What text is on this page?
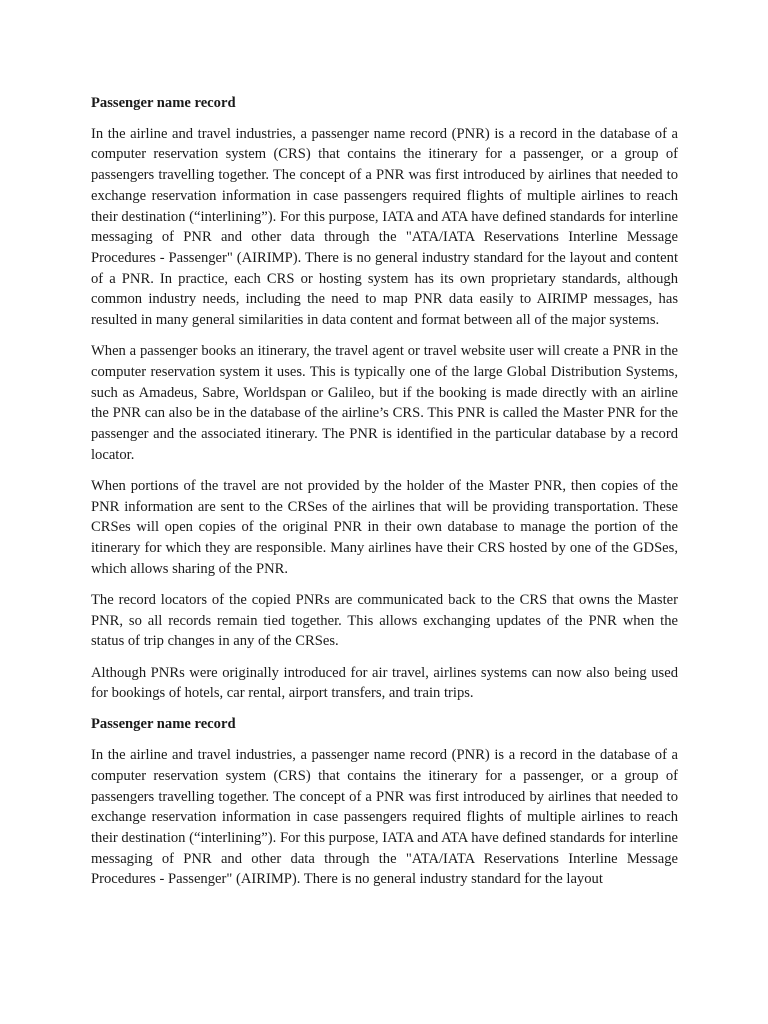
Passenger name record

In the airline and travel industries, a passenger name record (PNR) is a record in the database of a computer reservation system (CRS) that contains the itinerary for a passenger, or a group of passengers travelling together. The concept of a PNR was first introduced by airlines that needed to exchange reservation information in case passengers required flights of multiple airlines to reach their destination (“interlining”). For this purpose, IATA and ATA have defined standards for interline messaging of PNR and other data through the "ATA/IATA Reservations Interline Message Procedures - Passenger" (AIRIMP). There is no general industry standard for the layout and content of a PNR. In practice, each CRS or hosting system has its own proprietary standards, although common industry needs, including the need to map PNR data easily to AIRIMP messages, has resulted in many general similarities in data content and format between all of the major systems.

When a passenger books an itinerary, the travel agent or travel website user will create a PNR in the computer reservation system it uses. This is typically one of the large Global Distribution Systems, such as Amadeus, Sabre, Worldspan or Galileo, but if the booking is made directly with an airline the PNR can also be in the database of the airline’s CRS. This PNR is called the Master PNR for the passenger and the associated itinerary. The PNR is identified in the particular database by a record locator.

When portions of the travel are not provided by the holder of the Master PNR, then copies of the PNR information are sent to the CRSes of the airlines that will be providing transportation. These CRSes will open copies of the original PNR in their own database to manage the portion of the itinerary for which they are responsible. Many airlines have their CRS hosted by one of the GDSes, which allows sharing of the PNR.

The record locators of the copied PNRs are communicated back to the CRS that owns the Master PNR, so all records remain tied together. This allows exchanging updates of the PNR when the status of trip changes in any of the CRSes.

Although PNRs were originally introduced for air travel, airlines systems can now also being used for bookings of hotels, car rental, airport transfers, and train trips.

Passenger name record

In the airline and travel industries, a passenger name record (PNR) is a record in the database of a computer reservation system (CRS) that contains the itinerary for a passenger, or a group of passengers travelling together. The concept of a PNR was first introduced by airlines that needed to exchange reservation information in case passengers required flights of multiple airlines to reach their destination (“interlining”). For this purpose, IATA and ATA have defined standards for interline messaging of PNR and other data through the "ATA/IATA Reservations Interline Message Procedures - Passenger" (AIRIMP). There is no general industry standard for the layout
